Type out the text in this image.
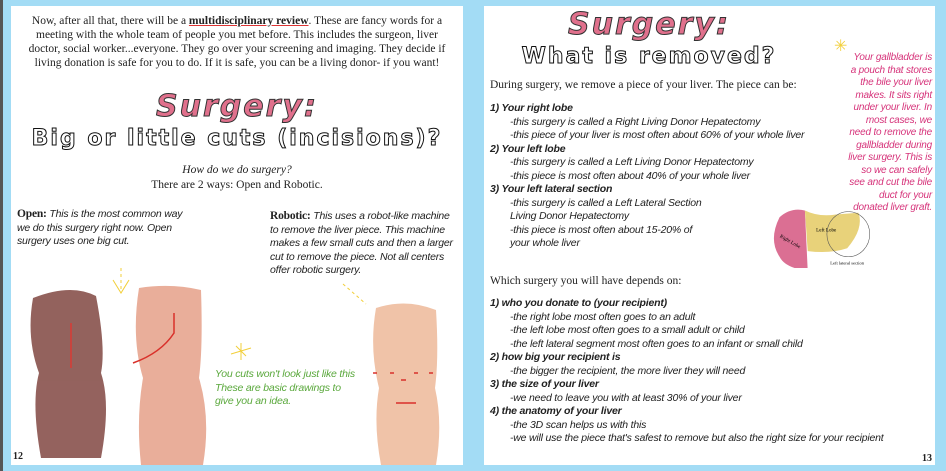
Now, after all that, there will be a multidisciplinary review. These are fancy words for a meeting with the whole team of people you met before. This includes the surgeon, liver doctor, social worker...everyone. They go over your screening and imaging. They decide if living donation is safe for you to do. If it is safe, you can be a living donor- if you want!

Surgery:
Big or little cuts (incisions)?
How do we do surgery?
There are 2 ways: Open and Robotic.
Open: This is the most common way we do this surgery right now. Open surgery uses one big cut.
Robotic: This uses a robot-like machine to remove the liver piece. This machine makes a few small cuts and then a larger cut to remove the piece. Not all centers offer robotic surgery.
You cuts won't look just like this These are basic drawings to give you an idea.
12
Surgery:
What is removed?
During surgery, we remove a piece of your liver. The piece can be:
1) Your right lobe
-this surgery is called a Right Living Donor Hepatectomy
-this piece of your liver is most often about 60% of your whole liver
2) Your left lobe
-this surgery is called a Left Living Donor Hepatectomy
-this piece is most often about 40% of your whole liver
3) Your left lateral section
-this surgery is called a Left Lateral Section Living Donor Hepatectomy
-this piece is most often about 15-20% of your whole liver
✳
Your gallbladder is a pouch that stores the bile your liver makes. It sits right under your liver. In most cases, we need to remove the gallbladder during liver surgery. This is so we can safely see and cut the bile duct for your donated liver graft.
Right Lobe
Left Lobe
Left lateral section
Which surgery you will have depends on:
1) who you donate to (your recipient)
-the right lobe most often goes to an adult
-the left lobe most often goes to a small adult or child
-the left lateral segment most often goes to an infant or small child
2) how big your recipient is
-the bigger the recipient, the more liver they will need
3) the size of your liver
-we need to leave you with at least 30% of your liver
4) the anatomy of your liver
-the 3D scan helps us with this
-we will use the piece that's safest to remove but also the right size for your recipient
13
